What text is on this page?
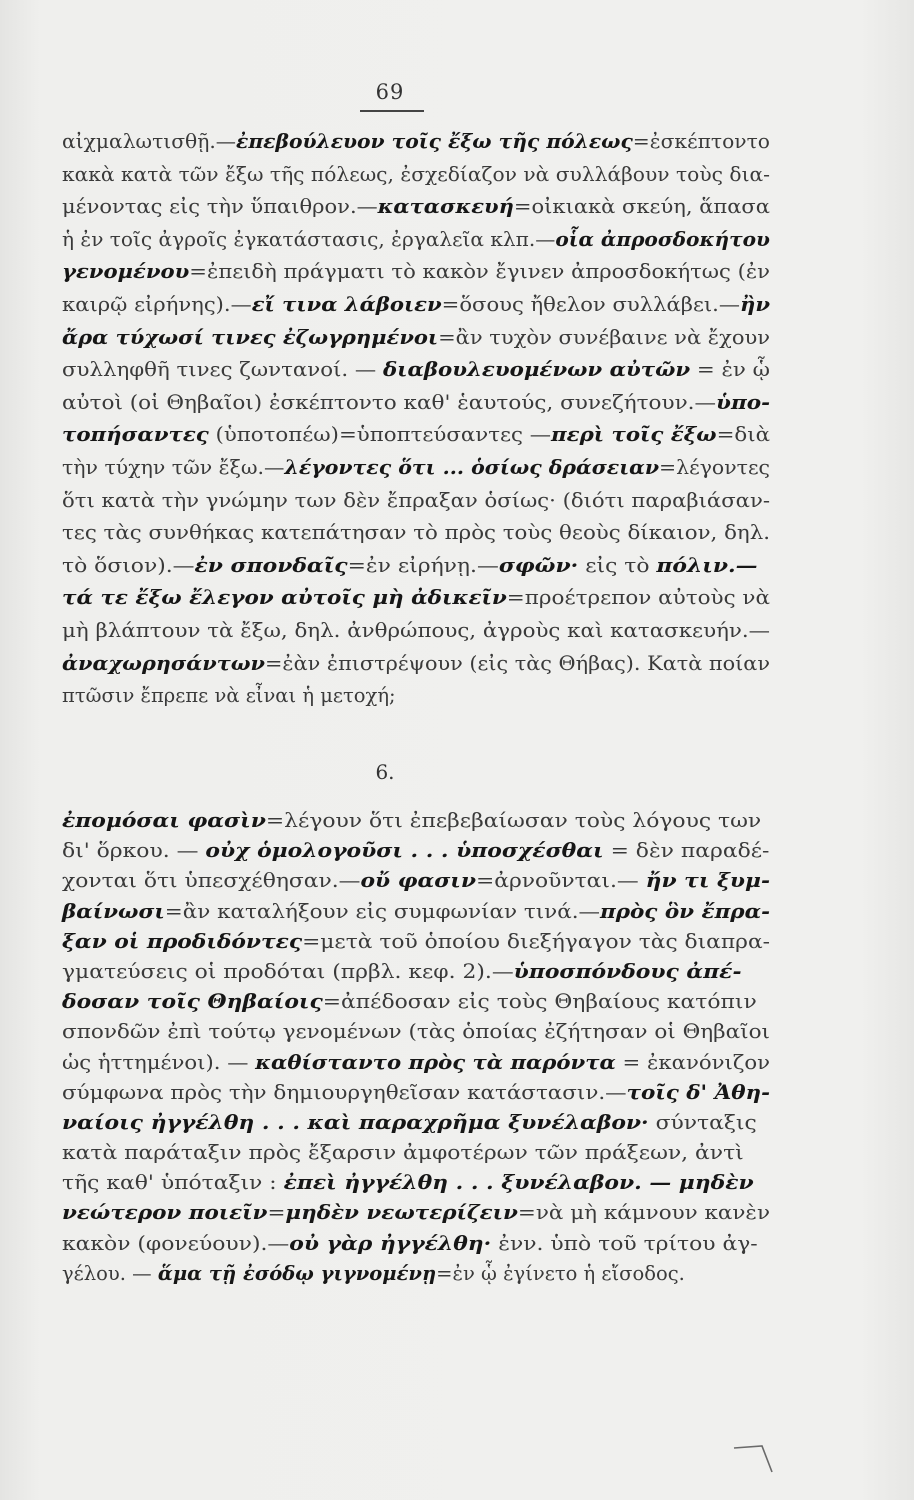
69
αἰχμαλωτισθῇ.—ἐπεβούλευον τοῖς ἔξω τῆς πόλεως=ἐσκέπτοντο
κακὰ κατὰ τῶν ἔξω τῆς πόλεως, ἐσχεδίαζον νὰ συλλάβουν τοὺς δια-
μένοντας εἰς τὴν ὕπαιθρον.—κατασκευή=οἰκιακὰ σκεύη, ἅπασα
ἡ ἐν τοῖς ἀγροῖς ἐγκατάστασις, ἐργαλεῖα κλπ.—οἷα ἀπροσδοκήτου
γενομένου=ἐπειδὴ πράγματι τὸ κακὸν ἔγινεν ἀπροσδοκήτως (ἐν
καιρῷ εἰρήνης).—εἴ τινα λάβοιεν=ὅσους ἤθελον συλλάβει.—ἢν
ἄρα τύχωσί τινες ἐζωγρημένοι=ἂν τυχὸν συνέβαινε νὰ ἔχουν
συλληφθῆ τινες ζωντανοί. — διαβουλευομένων αὐτῶν = ἐν ᾧ
αὐτοὶ (οἱ Θηβαῖοι) ἐσκέπτοντο καθ' ἑαυτούς, συνεζήτουν.—ὑπο-
τοπήσαντες (ὑποτοπέω)=ὑποπτεύσαντες —περὶ τοῖς ἔξω=διὰ
τὴν τύχην τῶν ἔξω.—λέγοντες ὅτι ... ὁσίως δράσειαν=λέγοντες
ὅτι κατὰ τὴν γνώμην των δὲν ἔπραξαν ὁσίως· (διότι παραβιάσαν-
τες τὰς συνθήκας κατεπάτησαν τὸ πρὸς τοὺς θεοὺς δίκαιον, δηλ.
τὸ ὅσιον).—ἐν σπονδαῖς=ἐν εἰρήνῃ.—σφῶν· εἰς τὸ πόλιν.—
τά τε ἔξω ἔλεγον αὐτοῖς μὴ ἀδικεῖν=προέτρεπον αὐτοὺς νὰ
μὴ βλάπτουν τὰ ἔξω, δηλ. ἀνθρώπους, ἀγροὺς καὶ κατασκευήν.—
ἀναχωρησάντων=ἐὰν ἐπιστρέψουν (εἰς τὰς Θήβας). Κατὰ ποίαν
πτῶσιν ἔπρεπε νὰ εἶναι ἡ μετοχή;
6.
ἐπομόσαι φασὶν=λέγουν ὅτι ἐπεβεβαίωσαν τοὺς λόγους των
δι' ὅρκου. — οὐχ ὁμολογοῦσι . . . ὑποσχέσθαι = δὲν παραδέ-
χονται ὅτι ὑπεσχέθησαν.—οὔ φασιν=ἀρνοῦνται.— ἤν τι ξυμ-
βαίνωσι=ἂν καταλήξουν εἰς συμφωνίαν τινά.—πρὸς ὃν ἔπρα-
ξαν οἱ προδιδόντες=μετὰ τοῦ ὁποίου διεξήγαγον τὰς διαπρα-
γματεύσεις οἱ προδόται (πρβλ. κεφ. 2).—ὑποσπόνδους ἀπέ-
δοσαν τοῖς Θηβαίοις=ἀπέδοσαν εἰς τοὺς Θηβαίους κατόπιν
σπονδῶν ἐπὶ τούτῳ γενομένων (τὰς ὁποίας ἐζήτησαν οἱ Θηβαῖοι
ὡς ἡττημένοι). — καθίσταντο πρὸς τὰ παρόντα = ἐκανόνιζον
σύμφωνα πρὸς τὴν δημιουργηθεῖσαν κατάστασιν.—τοῖς δ' Ἀθη-
ναίοις ἠγγέλθη . . . καὶ παραχρῆμα ξυνέλαβον· σύνταξις
κατὰ παράταξιν πρὸς ἔξαρσιν ἀμφοτέρων τῶν πράξεων, ἀντὶ
τῆς καθ' ὑπόταξιν : ἐπεὶ ἠγγέλθη . . . ξυνέλαβον. — μηδὲν
νεώτερον ποιεῖν=μηδὲν νεωτερίζειν=νὰ μὴ κάμνουν κανὲν
κακὸν (φονεύουν).—οὐ γὰρ ἠγγέλθη· ἐνν. ὑπὸ τοῦ τρίτου ἀγ-
γέλου. — ἅμα τῇ ἐσόδῳ γιγνομένῃ=ἐν ᾧ ἐγίνετο ἡ εἴσοδος.
